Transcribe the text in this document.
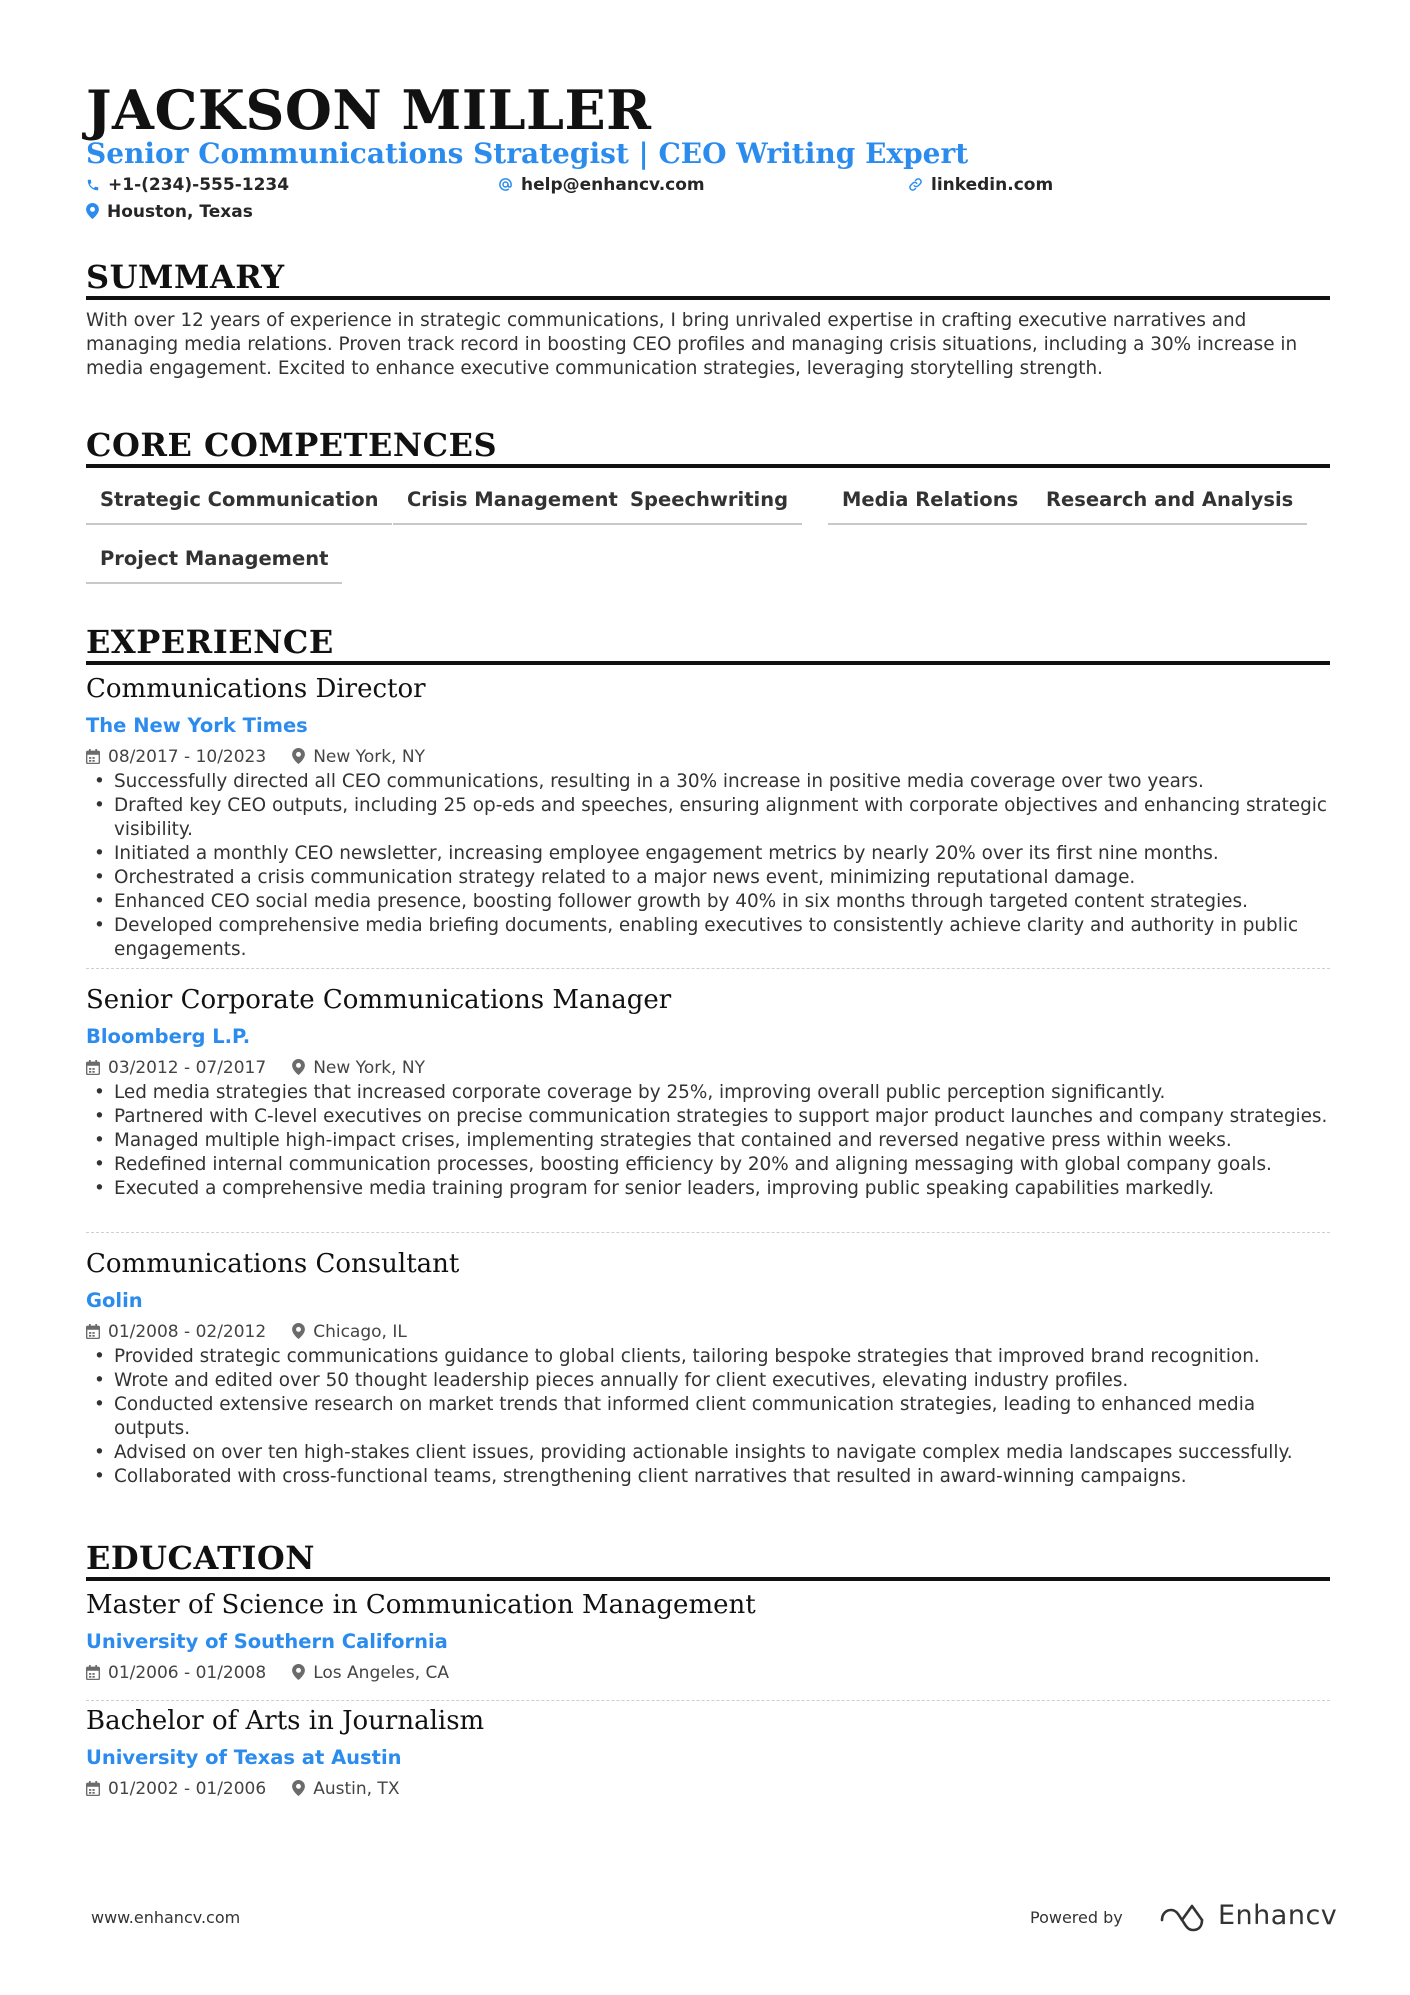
JACKSON MILLER
Senior Communications Strategist | CEO Writing Expert
+1-(234)-555-1234	help@enhancv.com	linkedin.com
Houston, Texas
SUMMARY
With over 12 years of experience in strategic communications, I bring unrivaled expertise in crafting executive narratives and managing media relations. Proven track record in boosting CEO profiles and managing crisis situations, including a 30% increase in media engagement. Excited to enhance executive communication strategies, leveraging storytelling strength.
CORE COMPETENCES
Strategic Communication	Crisis Management Speechwriting	Media Relations	Research and Analysis
Project Management
EXPERIENCE
Communications Director
The New York Times
08/2017 - 10/2023	New York, NY
• Successfully directed all CEO communications, resulting in a 30% increase in positive media coverage over two years.
• Drafted key CEO outputs, including 25 op-eds and speeches, ensuring alignment with corporate objectives and enhancing strategic visibility.
• Initiated a monthly CEO newsletter, increasing employee engagement metrics by nearly 20% over its first nine months.
• Orchestrated a crisis communication strategy related to a major news event, minimizing reputational damage.
• Enhanced CEO social media presence, boosting follower growth by 40% in six months through targeted content strategies.
• Developed comprehensive media briefing documents, enabling executives to consistently achieve clarity and authority in public engagements.
Senior Corporate Communications Manager
Bloomberg L.P.
03/2012 - 07/2017	New York, NY
• Led media strategies that increased corporate coverage by 25%, improving overall public perception significantly.
• Partnered with C-level executives on precise communication strategies to support major product launches and company strategies.
• Managed multiple high-impact crises, implementing strategies that contained and reversed negative press within weeks.
• Redefined internal communication processes, boosting efficiency by 20% and aligning messaging with global company goals.
• Executed a comprehensive media training program for senior leaders, improving public speaking capabilities markedly.
Communications Consultant
Golin
01/2008 - 02/2012	Chicago, IL
• Provided strategic communications guidance to global clients, tailoring bespoke strategies that improved brand recognition.
• Wrote and edited over 50 thought leadership pieces annually for client executives, elevating industry profiles.
• Conducted extensive research on market trends that informed client communication strategies, leading to enhanced media outputs.
• Advised on over ten high-stakes client issues, providing actionable insights to navigate complex media landscapes successfully.
• Collaborated with cross-functional teams, strengthening client narratives that resulted in award-winning campaigns.
EDUCATION
Master of Science in Communication Management
University of Southern California
01/2006 - 01/2008	Los Angeles, CA
Bachelor of Arts in Journalism
University of Texas at Austin
01/2002 - 01/2006	Austin, TX
www.enhancv.com	Powered by	Enhancv
